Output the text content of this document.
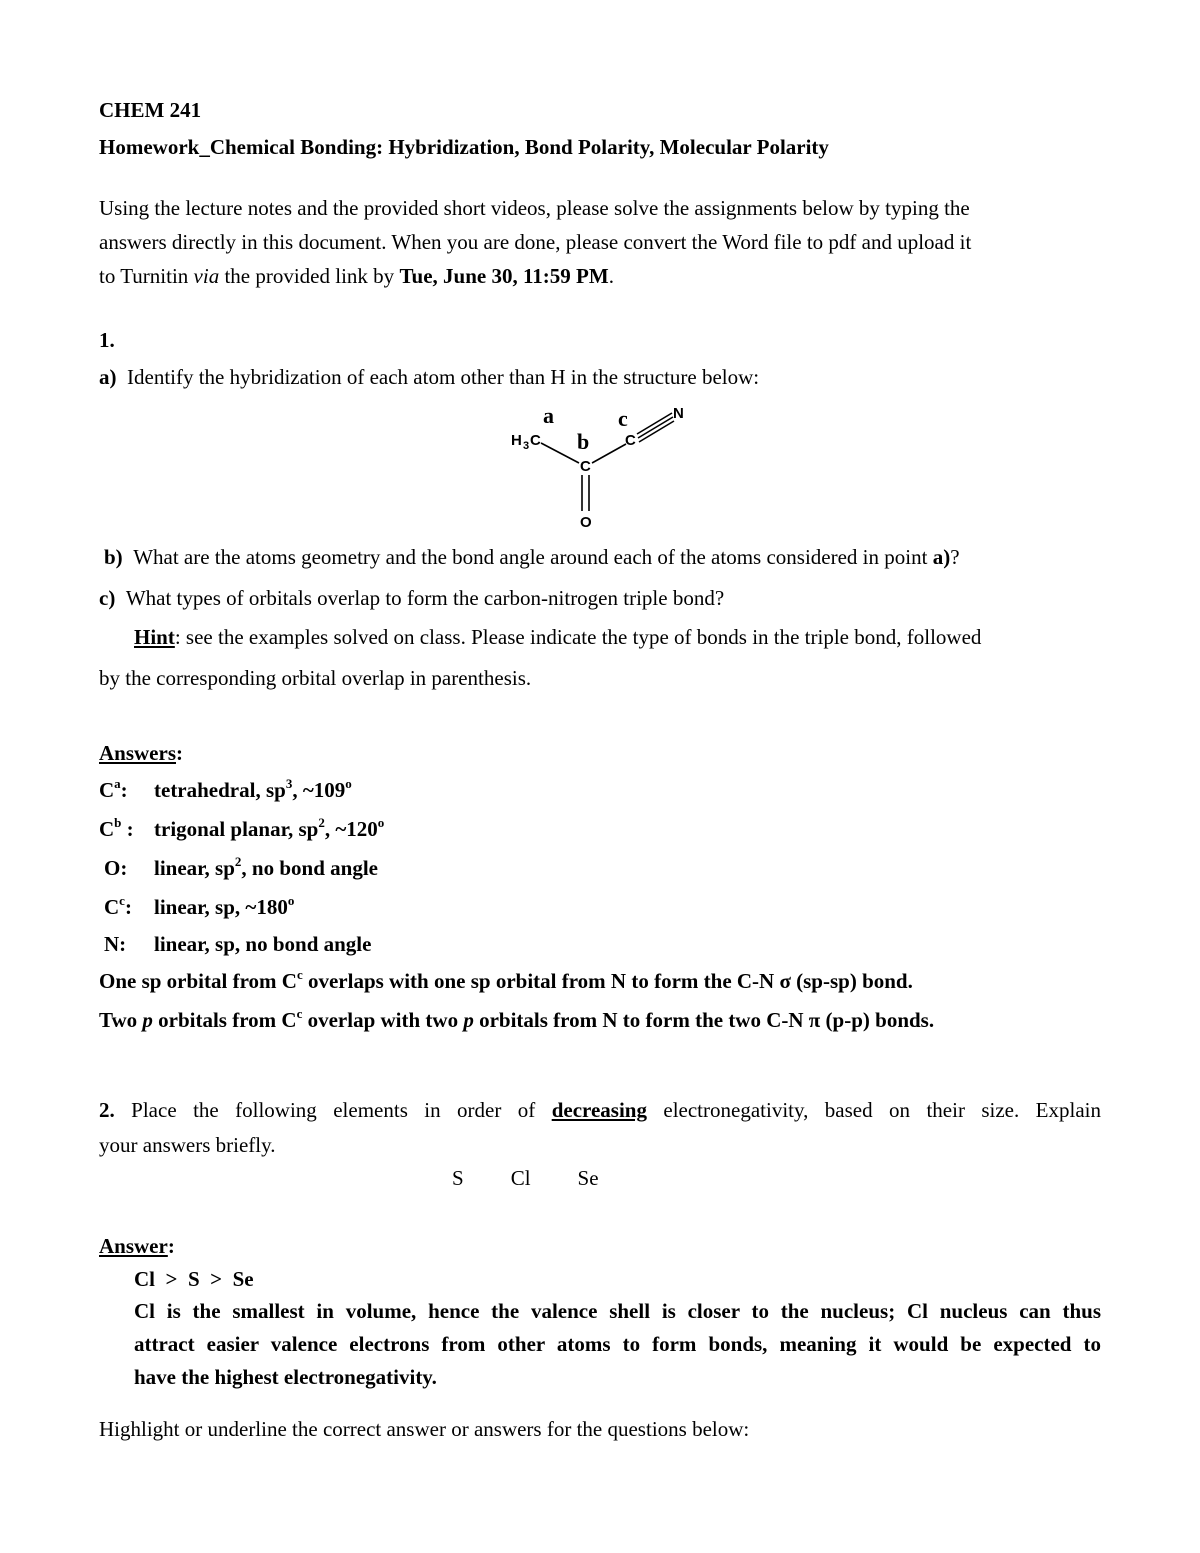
CHEM 241
Homework_Chemical Bonding: Hybridization, Bond Polarity, Molecular Polarity
Using the lecture notes and the provided short videos, please solve the assignments below by typing the
answers directly in this document. When you are done, please convert the Word file to pdf and upload it
to Turnitin via the provided link by Tue, June 30, 11:59 PM.
1.
a) Identify the hybridization of each atom other than H in the structure below:
a
b
c
H 3 C
C
O
C
N
b) What are the atoms geometry and the bond angle around each of the atoms considered in point a)?
c) What types of orbitals overlap to form the carbon-nitrogen triple bond?
Hint: see the examples solved on class. Please indicate the type of bonds in the triple bond, followed
by the corresponding orbital overlap in parenthesis.
Answers:
$C^a$: tetrahedral, $sp^3$, ~109$^o$
$C^b$ : trigonal planar, $sp^2$, ~120$^o$
O: linear, $sp^2$, no bond angle
$C^c$: linear, sp, ~180$^o$
N: linear, sp, no bond angle
One sp orbital from $C^c$ overlaps with one sp orbital from N to form the C-N σ (sp-sp) bond.
Two p orbitals from $C^c$ overlap with two p orbitals from N to form the two C-N π (p-p) bonds.
2. Place the following elements in order of decreasing electronegativity, based on their size. Explain
your answers briefly.
S Cl Se
Answer:
Cl  >  S  >  Se
Cl is the smallest in volume, hence the valence shell is closer to the nucleus; Cl nucleus can thus
attract easier valence electrons from other atoms to form bonds, meaning it would be expected to
have the highest electronegativity.
Highlight or underline the correct answer or answers for the questions below:
